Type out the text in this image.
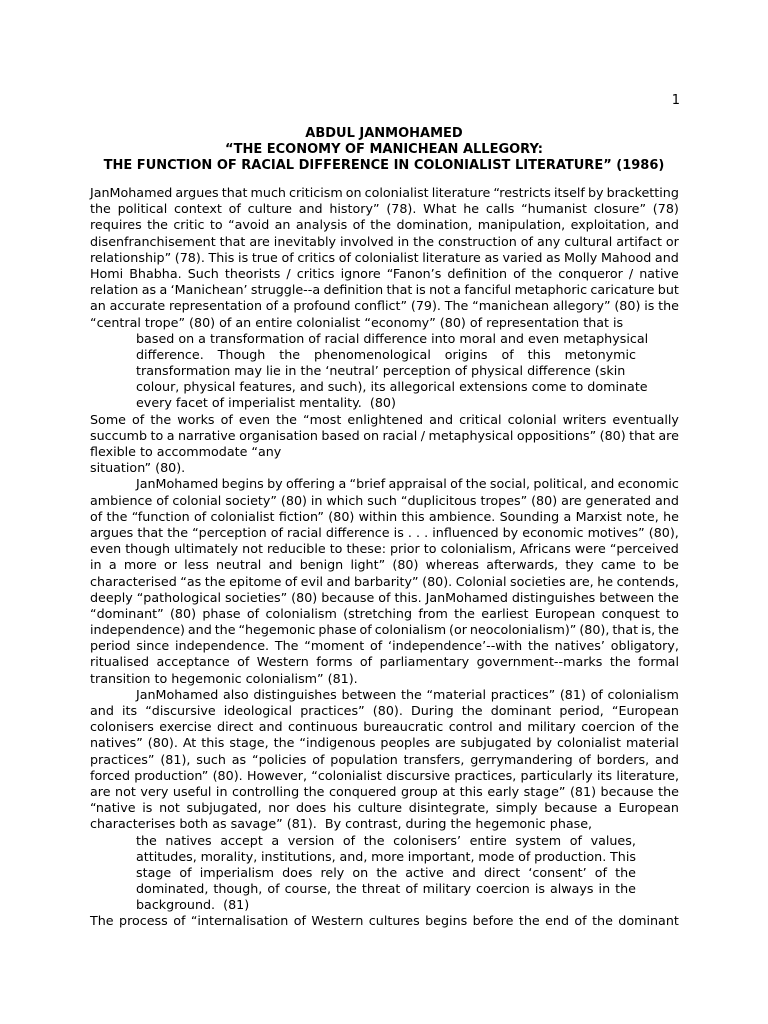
1
ABDUL JANMOHAMED
“THE ECONOMY OF MANICHEAN ALLEGORY:
THE FUNCTION OF RACIAL DIFFERENCE IN COLONIALIST LITERATURE” (1986)
JanMohamed argues that much criticism on colonialist literature “restricts itself by bracketting
the political context of culture and history” (78). What he calls “humanist closure” (78)
requires the critic to “avoid an analysis of the domination, manipulation, exploitation, and
disenfranchisement that are inevitably involved in the construction of any cultural artifact or
relationship” (78). This is true of critics of colonialist literature as varied as Molly Mahood and
Homi Bhabha. Such theorists / critics ignore “Fanon’s definition of the conqueror / native
relation as a ‘Manichean’ struggle--a definition that is not a fanciful metaphoric caricature but
an accurate representation of a profound conflict” (79). The “manichean allegory” (80) is the
“central trope” (80) of an entire colonialist “economy” (80) of representation that is
based on a transformation of racial difference into moral and even metaphysical
difference. Though the phenomenological origins of this metonymic
transformation may lie in the ‘neutral’ perception of physical difference (skin
colour, physical features, and such), its allegorical extensions come to dominate
every facet of imperialist mentality.  (80)
Some of the works of even the “most enlightened and critical colonial writers eventually
succumb to a narrative organisation based on racial / metaphysical oppositions” (80) that are
flexible to accommodate “any
situation” (80).
JanMohamed begins by offering a “brief appraisal of the social, political, and economic
ambience of colonial society” (80) in which such “duplicitous tropes” (80) are generated and
of the “function of colonialist fiction” (80) within this ambience. Sounding a Marxist note, he
argues that the “perception of racial difference is . . . influenced by economic motives” (80),
even though ultimately not reducible to these: prior to colonialism, Africans were “perceived
in a more or less neutral and benign light” (80) whereas afterwards, they came to be
characterised “as the epitome of evil and barbarity” (80). Colonial societies are, he contends,
deeply “pathological societies” (80) because of this. JanMohamed distinguishes between the
“dominant” (80) phase of colonialism (stretching from the earliest European conquest to
independence) and the “hegemonic phase of colonialism (or neocolonialism)” (80), that is, the
period since independence. The “moment of ‘independence’--with the natives’ obligatory,
ritualised acceptance of Western forms of parliamentary government--marks the formal
transition to hegemonic colonialism” (81).
JanMohamed also distinguishes between the “material practices” (81) of colonialism
and its “discursive ideological practices” (80). During the dominant period, “European
colonisers exercise direct and continuous bureaucratic control and military coercion of the
natives” (80). At this stage, the “indigenous peoples are subjugated by colonialist material
practices” (81), such as “policies of population transfers, gerrymandering of borders, and
forced production” (80). However, “colonialist discursive practices, particularly its literature,
are not very useful in controlling the conquered group at this early stage” (81) because the
“native is not subjugated, nor does his culture disintegrate, simply because a European
characterises both as savage” (81).  By contrast, during the hegemonic phase,
the natives accept a version of the colonisers’ entire system of values,
attitudes, morality, institutions, and, more important, mode of production. This
stage of imperialism does rely on the active and direct ‘consent’ of the
dominated, though, of course, the threat of military coercion is always in the
background.  (81)
The process of “internalisation of Western cultures begins before the end of the dominant
